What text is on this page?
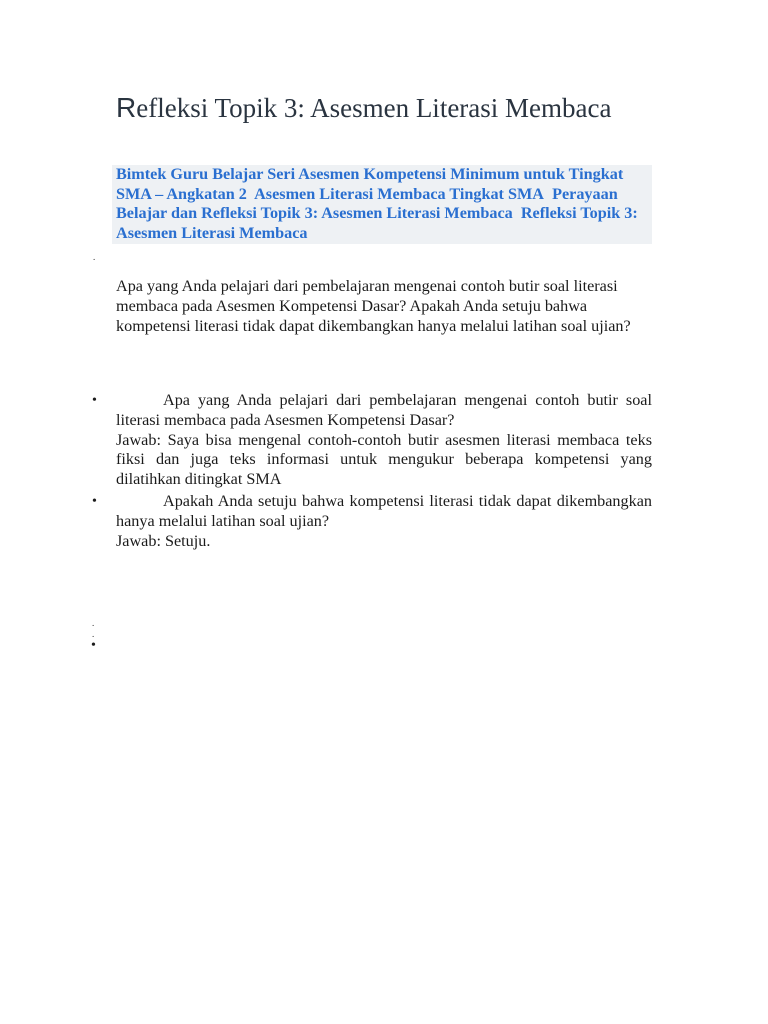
Refleksi Topik 3: Asesmen Literasi Membaca
Bimtek Guru Belajar Seri Asesmen Kompetensi Minimum untuk Tingkat SMA – Angkatan 2 Asesmen Literasi Membaca Tingkat SMA Perayaan Belajar dan Refleksi Topik 3: Asesmen Literasi Membaca Refleksi Topik 3: Asesmen Literasi Membaca
.

Apa yang Anda pelajari dari pembelajaran mengenai contoh butir soal literasi membaca pada Asesmen Kompetensi Dasar? Apakah Anda setuju bahwa kompetensi literasi tidak dapat dikembangkan hanya melalui latihan soal ujian?

•	Apa yang Anda pelajari dari pembelajaran mengenai contoh butir soal literasi membaca pada Asesmen Kompetensi Dasar?
Jawab: Saya bisa mengenal contoh-contoh butir asesmen literasi membaca teks fiksi dan juga teks informasi untuk mengukur beberapa kompetensi yang dilatihkan ditingkat SMA
•	Apakah Anda setuju bahwa kompetensi literasi tidak dapat dikembangkan hanya melalui latihan soal ujian?
Jawab: Setuju.
.
.
•
